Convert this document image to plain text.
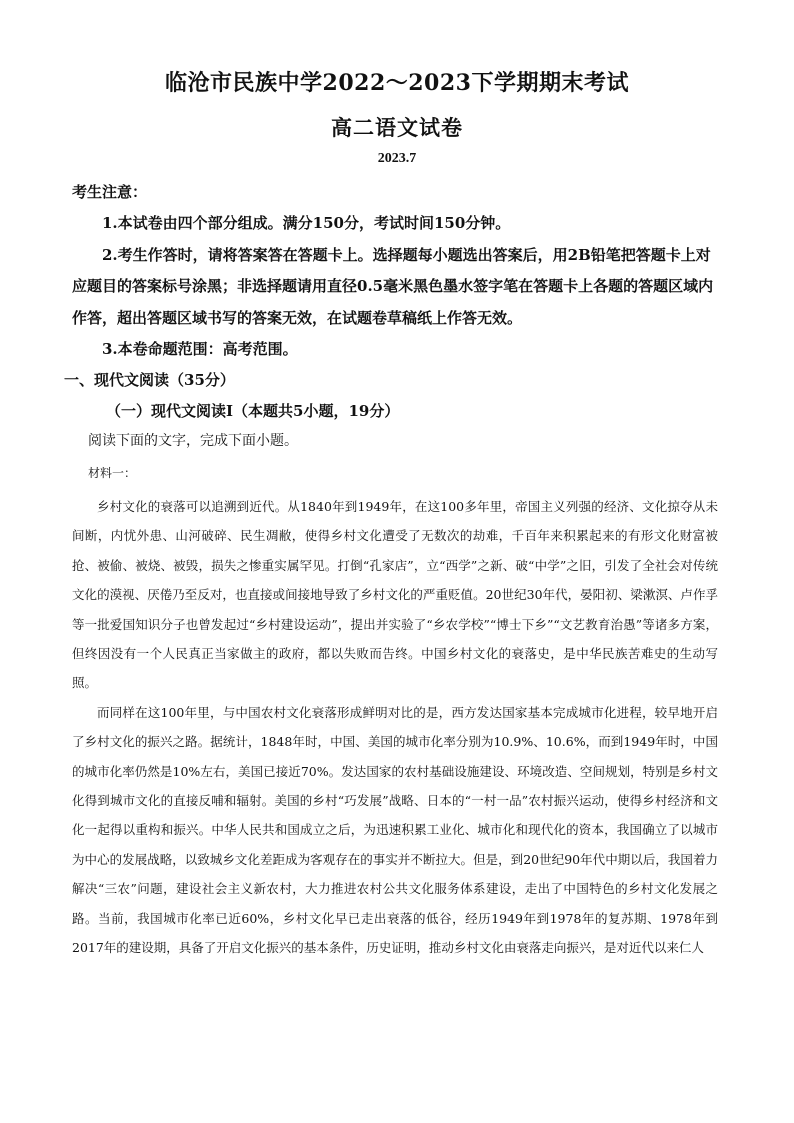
临沧市民族中学2022～2023下学期期末考试
高二语文试卷
2023.7
考生注意：

1.本试卷由四个部分组成。满分150分，考试时间150分钟。

2.考生作答时，请将答案答在答题卡上。选择题每小题选出答案后，用2B铅笔把答题卡上对应题目的答案标号涂黑；非选择题请用直径0.5毫米黑色墨水签字笔在答题卡上各题的答题区域内作答，超出答题区域书写的答案无效，在试题卷草稿纸上作答无效。

3.本卷命题范围：高考范围。

一、现代文阅读（35分）
（一）现代文阅读Ⅰ（本题共5小题，19分）
阅读下面的文字，完成下面小题。
材料一：

乡村文化的衰落可以追溯到近代。从1840年到1949年，在这100多年里，帝国主义列强的经济、文化掠夺从未间断，内忧外患、山河破碎、民生凋敝，使得乡村文化遭受了无数次的劫难，千百年来积累起来的有形文化财富被抢、被偷、被烧、被毁，损失之惨重实属罕见。打倒“孔家店”，立“西学”之新、破“中学”之旧，引发了全社会对传统文化的漠视、厌倦乃至反对，也直接或间接地导致了乡村文化的严重贬值。20世纪30年代，晏阳初、梁漱溟、卢作孚等一批爱国知识分子也曾发起过“乡村建设运动”，提出并实验了“乡农学校”“博士下乡”“文艺教育治愚”等诸多方案，但终因没有一个人民真正当家做主的政府，都以失败而告终。中国乡村文化的衰落史，是中华民族苦难史的生动写照。

而同样在这100年里，与中国农村文化衰落形成鲜明对比的是，西方发达国家基本完成城市化进程，较早地开启了乡村文化的振兴之路。据统计，1848年时，中国、美国的城市化率分别为10.9%、10.6%，而到1949年时，中国的城市化率仍然是10%左右，美国已接近70%。发达国家的农村基础设施建设、环境改造、空间规划，特别是乡村文化得到城市文化的直接反哺和辐射。美国的乡村“巧发展”战略、日本的“一村一品”农村振兴运动，使得乡村经济和文化一起得以重构和振兴。中华人民共和国成立之后，为迅速积累工业化、城市化和现代化的资本，我国确立了以城市为中心的发展战略，以致城乡文化差距成为客观存在的事实并不断拉大。但是，到20世纪90年代中期以后，我国着力解决“三农”问题，建设社会主义新农村，大力推进农村公共文化服务体系建设，走出了中国特色的乡村文化发展之路。当前，我国城市化率已近60%，乡村文化早已走出衰落的低谷，经历1949年到1978年的复苏期、1978年到2017年的建设期，具备了开启文化振兴的基本条件，历史证明，推动乡村文化由衰落走向振兴，是对近代以来仁人
